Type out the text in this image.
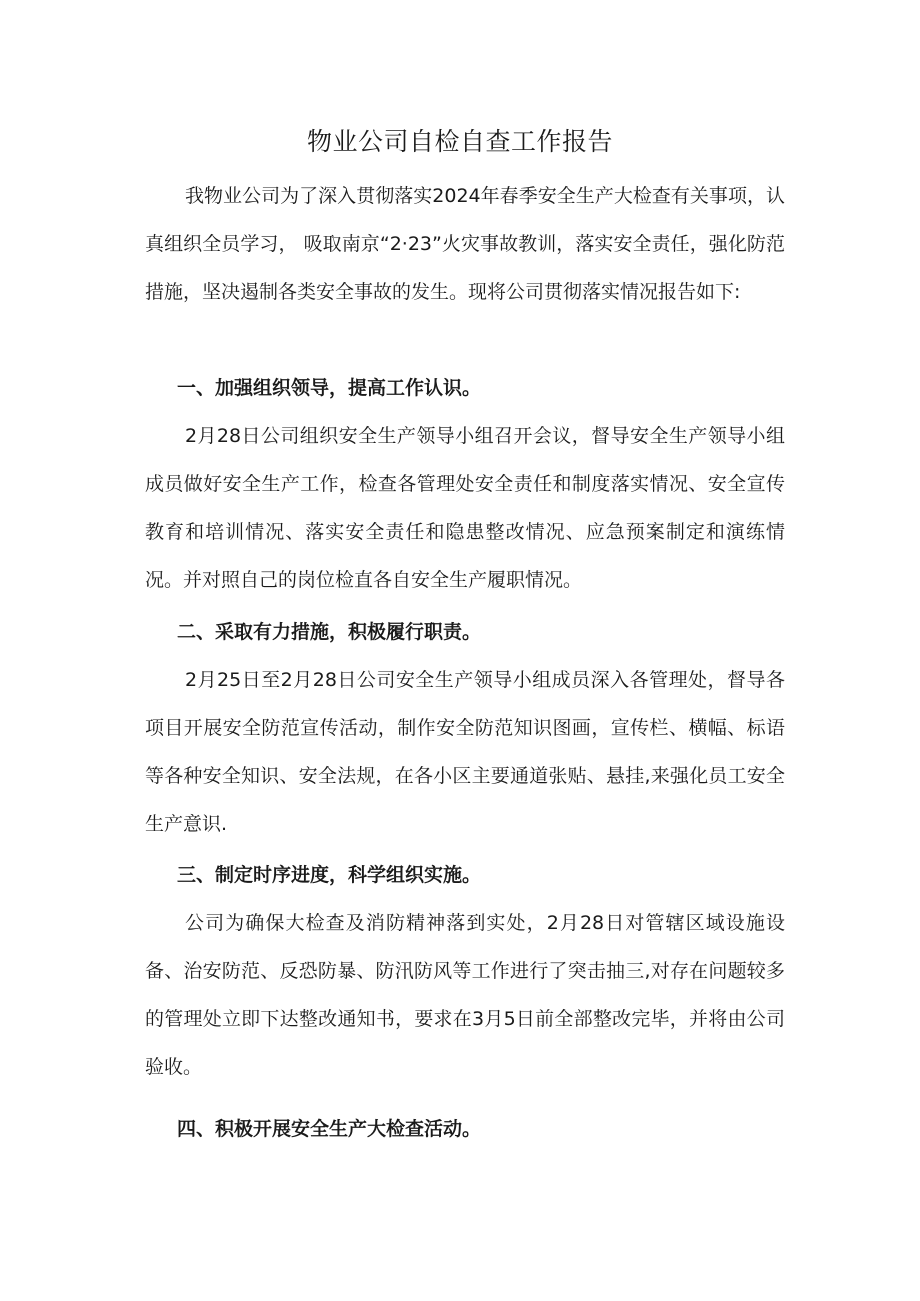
物业公司自检自查工作报告

我物业公司为了深入贯彻落实2024年春季安全生产大检查有关事项，认真组织全员学习， 吸取南京“2·23”火灾事故教训，落实安全责任，强化防范措施，坚决遏制各类安全事故的发生。现将公司贯彻落实情况报告如下:

一、加强组织领导，提高工作认识。

2月28日公司组织安全生产领导小组召开会议，督导安全生产领导小组成员做好安全生产工作，检查各管理处安全责任和制度落实情况、安全宣传教育和培训情况、落实安全责任和隐患整改情况、应急预案制定和演练情况。并对照自己的岗位检直各自安全生产履职情况。

二、采取有力措施，积极履行职责。

2月25日至2月28日公司安全生产领导小组成员深入各管理处，督导各项目开展安全防范宣传活动，制作安全防范知识图画，宣传栏、横幅、标语等各种安全知识、安全法规，在各小区主要通道张贴、悬挂,来强化员工安全生产意识.

三、制定时序进度，科学组织实施。

公司为确保大检查及消防精神落到实处，2月28日对管辖区域设施设备、治安防范、反恐防暴、防汛防风等工作进行了突击抽三,对存在问题较多的管理处立即下达整改通知书，要求在3月5日前全部整改完毕，并将由公司验收。

四、积极开展安全生产大检查活动。
